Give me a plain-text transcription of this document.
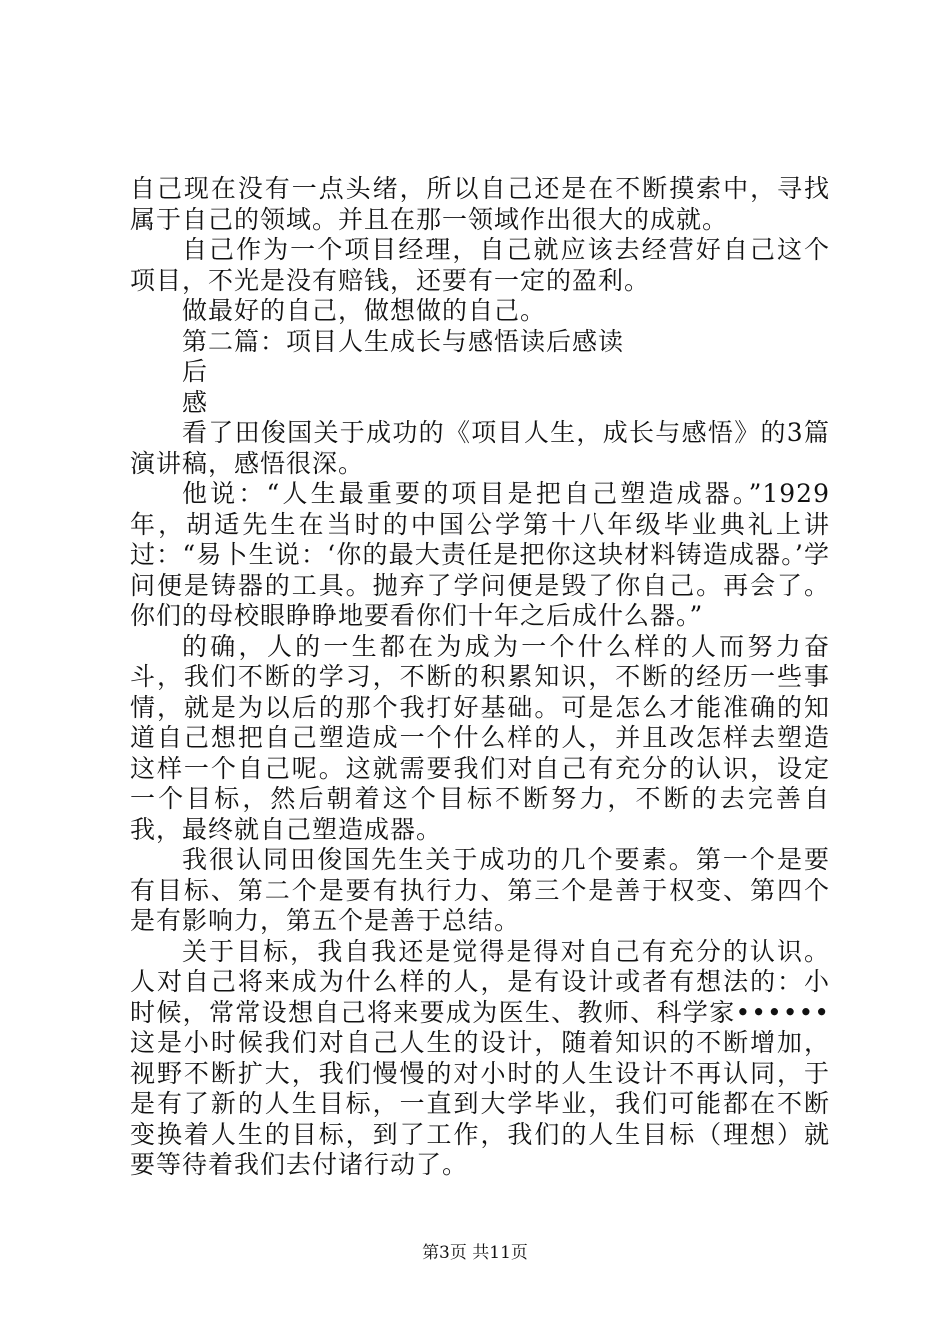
自己现在没有一点头绪，所以自己还是在不断摸索中，寻找属于自己的领域。并且在那一领域作出很大的成就。

自己作为一个项目经理，自己就应该去经营好自己这个项目，不光是没有赔钱，还要有一定的盈利。

做最好的自己，做想做的自己。

第二篇：项目人生成长与感悟读后感读

后

感

看了田俊国关于成功的《项目人生，成长与感悟》的3篇演讲稿，感悟很深。

他说：“人生最重要的项目是把自己塑造成器。”1929年，胡适先生在当时的中国公学第十八年级毕业典礼上讲过：“易卜生说：‘你的最大责任是把你这块材料铸造成器。’学问便是铸器的工具。抛弃了学问便是毁了你自己。再会了。你们的母校眼睁睁地要看你们十年之后成什么器。”

的确，人的一生都在为成为一个什么样的人而努力奋斗，我们不断的学习，不断的积累知识，不断的经历一些事情，就是为以后的那个我打好基础。可是怎么才能准确的知道自己想把自己塑造成一个什么样的人，并且改怎样去塑造这样一个自己呢。这就需要我们对自己有充分的认识，设定一个目标，然后朝着这个目标不断努力，不断的去完善自我，最终就自己塑造成器。

我很认同田俊国先生关于成功的几个要素。第一个是要有目标、第二个是要有执行力、第三个是善于权变、第四个是有影响力，第五个是善于总结。

关于目标，我自我还是觉得是得对自己有充分的认识。人对自己将来成为什么样的人，是有设计或者有想法的：小时候，常常设想自己将来要成为医生、教师、科学家••••••这是小时候我们对自己人生的设计，随着知识的不断增加，视野不断扩大，我们慢慢的对小时的人生设计不再认同，于是有了新的人生目标，一直到大学毕业，我们可能都在不断变换着人生的目标，到了工作，我们的人生目标（理想）就要等待着我们去付诸行动了。

第3页 共11页
